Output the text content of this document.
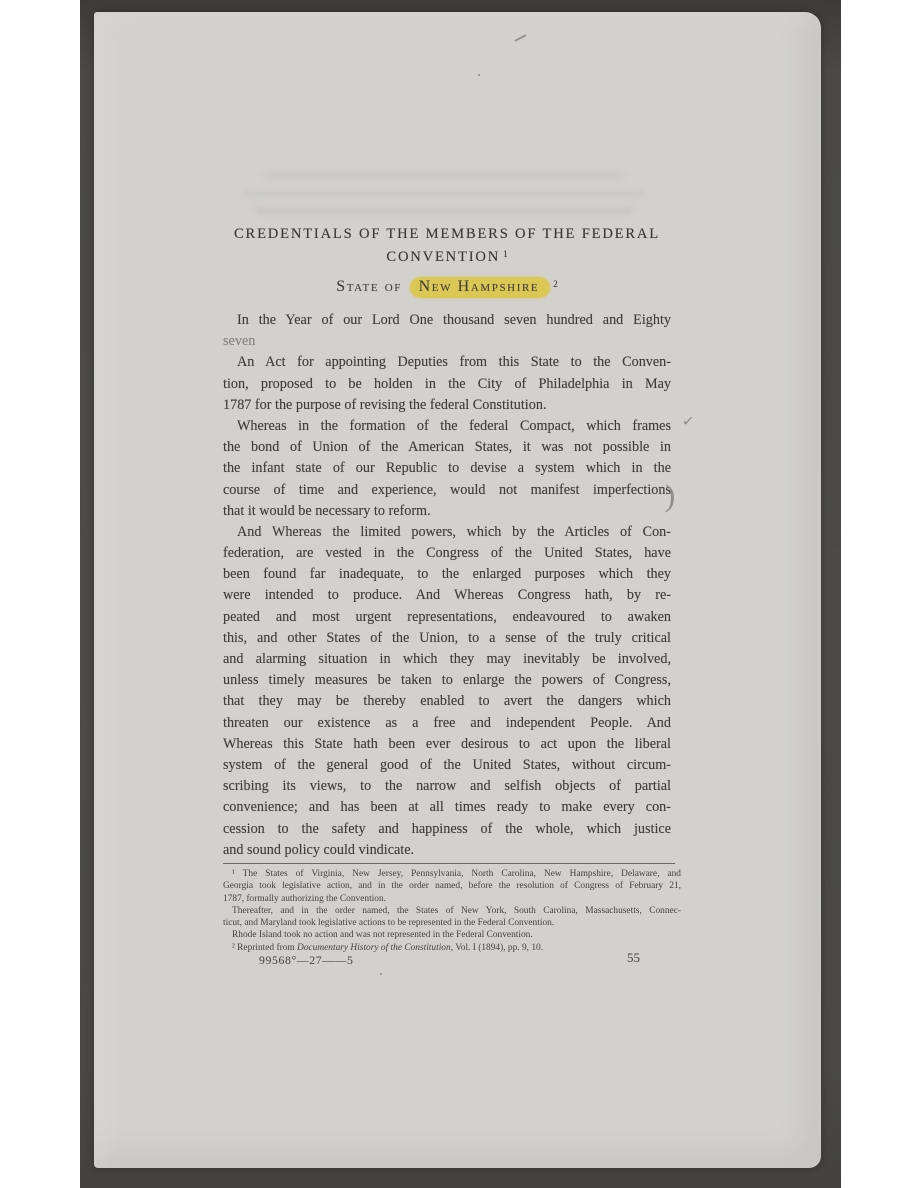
CREDENTIALS OF THE MEMBERS OF THE FEDERAL
CONVENTION $^1$
State of New Hampshire $^2$
In the Year of our Lord One thousand seven hundred and Eighty
seven
An Act for appointing Deputies from this State to the Conven-
tion, proposed to be holden in the City of Philadelphia in May
1787 for the purpose of revising the federal Constitution.
Whereas in the formation of the federal Compact, which frames
the bond of Union of the American States, it was not possible in
the infant state of our Republic to devise a system which in the
course of time and experience, would not manifest imperfections
that it would be necessary to reform.
And Whereas the limited powers, which by the Articles of Con-
federation, are vested in the Congress of the United States, have
been found far inadequate, to the enlarged purposes which they
were intended to produce. And Whereas Congress hath, by re-
peated and most urgent representations, endeavoured to awaken
this, and other States of the Union, to a sense of the truly critical
and alarming situation in which they may inevitably be involved,
unless timely measures be taken to enlarge the powers of Congress,
that they may be thereby enabled to avert the dangers which
threaten our existence as a free and independent People. And
Whereas this State hath been ever desirous to act upon the liberal
system of the general good of the United States, without circum-
scribing its views, to the narrow and selfish objects of partial
convenience; and has been at all times ready to make every con-
cession to the safety and happiness of the whole, which justice
and sound policy could vindicate.
✓
)
¹ The States of Virginia, New Jersey, Pennsylvania, North Carolina, New Hampshire, Delaware, and
Georgia took legislative action, and in the order named, before the resolution of Congress of February 21,
1787, formally authorizing the Convention.
Thereafter, and in the order named, the States of New York, South Carolina, Massachusetts, Connec-
ticut, and Maryland took legislative actions to be represented in the Federal Convention.
Rhode Island took no action and was not represented in the Federal Convention.
² Reprinted from Documentary History of the Constitution, Vol. I (1894), pp. 9, 10.
99568°—27——5	55
